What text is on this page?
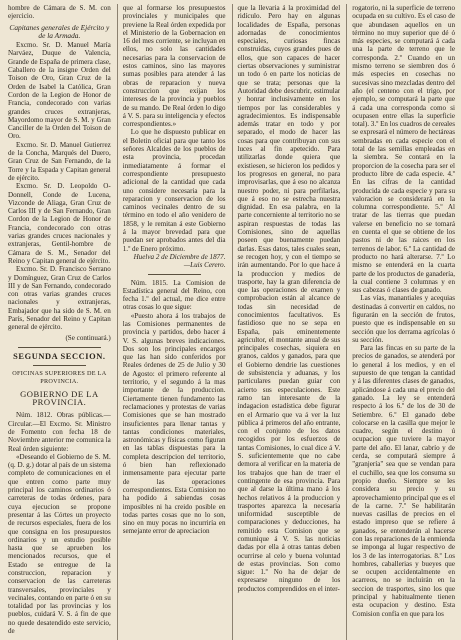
hombre de Cámara de S. M. con ejercicio.

Capitanes generales de Ejército y de la Armada.

Excmo. Sr. D. Manuel María Narváez, Duque de Valencia, Grande de España de primera clase, Caballero de la insigne Orden del Toison de Oro, Gran Cruz de la Orden de Isabel la Católica, Gran Cordon de la Legion de Honor de Francia, condecorado con varias grandes cruces extranjeras, Mayordomo mayor de S. M. y Gran Canciller de la Orden del Toison de Oro.

Excmo. Sr. D. Manuel Gutierrez de la Concha, Marqués del Duero, Gran Cruz de San Fernando, de la Torre y la Espada y Capitan general de ejército.

Excmo. Sr. D. Leopoldo O-Donnell, Conde de Lucena, Vizconde de Aliaga, Gran Cruz de Carlos III y de San Fernando, Gran Cordon de la Legion de Honor de Francia, condecorado con otras varias grandes cruces nacionales y extranjeras, Gentil-hombre de Cámara de S. M., Senador del Reino y Capitan general de ejército.

Excmo. Sr. D. Francisco Serrano y Domínguez, Gran Cruz de Carlos III y de San Fernando, condecorado con otras varias grandes cruces nacionales y extranjeras, Embajador que ha sido de S. M. en París, Senador del Reino y Capitan general de ejército.

(Se continuará.)

SEGUNDA SECCION.
OFICINAS SUPERIORES DE LA PROVINCIA.
GOBIERNO DE LA PROVINCIA.

Núm. 1812. Obras públicas.—Circular.—El Excmo. Sr. Ministro de Fomento con fecha 18 de Noviembre anterior me comunica la Real órden siguiente:

«Deseando el Gobierno de S. M. (q. D. g.) dotar al país de un sistema completo de comunicaciones en el que entren como parte muy principal los caminos ordinarios ó carreteras de todas órdenes, para cuya ejecucion se propone presentar á las Córtes un proyecto de recursos especiales, fuera de los que consigna en los presupuestos ordinarios y un estudio posible hasta que se aprueben los mencionados recursos, que el Estado se entregue de la construccion, reparacion y conservacion de las carreteras transversales, provinciales y vecinales, contando en parte ó en su totalidad por las provincias y los pueblos, cuidará V. S. á fin de que no quede desatendido este servicio, de

que al formarse los presupuestos provinciales y municipales que previene la Real órden expedida por el Ministerio de la Gobernacion en 16 del mes corriente, se incluyan en ellos, no solo las cantidades necesarias para la conservacion de estos caminos, sino las mayores sumas posibles para atender á las obras de reparacion y nueva construccion que exijan los intereses de la provincia y pueblos de su mando. De Real órden lo digo á V. S. para su inteligencia y efectos correspondientes.»

Lo que he dispuesto publicar en el Boletin oficial para que tanto los señores Alcaldes de los pueblos de esta provincia, procedan inmediatamente á formar el correspondiente presupuesto adicional de la cantidad que cada uno considere necesaria para la reparacion y conservacion de los caminos vecinales dentro de su término en todo el año venidero de 1858, y le remitan á este Gobierno á la mayor brevedad para que puedan ser aprobados antes del dia 1.º de Enero próximo.

Huelva 2 de Diciembre de 1877.—Luis Cerero.

Núm. 1815. La Comision de Estadística general del Reino, con fecha 1.º del actual, me dice entre otras cosas lo que sigue:

«Puesto ahora á los trabajos de las Comisiones permanentes de provincia y partidos, debo hacer á V. S. algunas breves indicaciones. Dos son los principales encargos que las han sido conferidos por Reales órdenes de 25 de Julio y 30 de Agosto: el primero referente al territorio, y el segundo á la mas importante de la produccion. Ciertamente tienen fundamento las reclamaciones y protestas de varias Comisiones que se han mostrado insuficientes para llenar tantas y tantas condiciones materiales, astronómicas y físicas como figuran en las tablas dispuestas para la completa descripcion del territorio, ó bien han reflexionado inmensamente para ejecutar parte de las operaciones correspondientes. Esta Comision no ha podido á sabiendas cosas imposibles ni ha creido posible en todas partes cosas que no lo son, sino en muy pocas no incurriría en semejante error de apreciacion

que la llevaria á la proximidad del ridículo. Pero hay en algunas localidades de España, personas adornadas de conocimientos especiales, curiosas fincas construidas, cuyos grandes pues de ellos, que son capaces de hacer ciertas observaciones y suministrar un todo ó en parte los noticias de que se trata; personas que la Autoridad debe descubrir, estimular y honrar inclusivamente en los tiempos por las considerables y agradecimientos. Es indispensable además tratar en todo y por separado, el modo de hacer las cosas para que contribuyan con sus luces al fin apetecido. Para utilizarlas donde quiera que existiesen, se hicieron los pedidos y los progresos en general, no para improvisarlas, que á eso no alcanza nuestro poder, ni para perfilarlas, que á eso no se estrecha nuestra dignidad. En esa palabra, en la parte concerniente al territorio no se aspiran respuestas de todas las Comisiones, sino de aquellas poseen que buenamente puedan darlas. Esas datos, tales cuales sean, se recogen hoy, y con el tiempo se irán aumentando. Por lo que hace á la produccion y medios de trasporte, hay la gran diferencia de que las operaciones de examen y comprobacion están al alcance de todas sin necesidad de conocimientos facultativos. Es fastidioso que no se sepa en España, país eminentemente agricultor, el montante anual de sus principales cosechas, siquiera en granos, caldos y ganados, para que el Gobierno dendrie las cuestiones de subsistencia y aduanas, y los particulares puedan guiar con acierto sus especulaciones. Este ramo tan interesante de la indagacion estadística debe figurar en el Armario que va á ver la luz pública á primeros del año entrante, con el conjunto de los datos recogidos por los esfuerzos de tantas Comisiones, lo cual dice á V. S. suficientemente que no cabe demora al verificar en la materia de los trabajos que han de traer el contingente de esa provincia. Para que al darse la última mano á los hechos relativos á la produccion y trasportes aparezca la necesaria uniformidad susceptible de comparaciones y deducciones, ha remitido esta Comision que se comunique á V. S. las noticias dadas por ella á otras tantas deben ocurrirse al celo y buena voluntad de estas provincias. Son como sigue: 1.º No ha de dejar de expresarse ninguno de los productos comprendidos en el inter-

rogatorio, ni la superficie de terreno ocupada en su cultivo. Es el caso de que abundasen aquellos en un término no muy superior que dé ó más especies, se computará á cada una la parte de terreno que le corresponda. 2.º Cuando en un mismo terreno se siembren dos ó más especies en cosechas no sucesivas sino mezcladas dentro del año (el centeno con el trigo, por ejemplo, se computará la parte que á cada una corresponda como si ocupasen entre ellas la superficie total). 3.º En los cuadros de cereales se expresará el número de hectáreas sembradas en cada especie con el total de las semillas empleadas en la siembra. Se contará en la proporcion de la cosecha para ser el producto libre de cada especie. 4.º En las cifras de la cantidad producida de cada especie y para su valoracion se considerará en la columna correspondiente. 5.º Al tratar de las tierras que puedan valerse en beneficio no se tomará en cuenta el que se obtiene de los pastos ni de las raices en los terrenos de labor. 6.º La cantidad de producto no hará alterarse. 7.º Lo mismo se entenderá en la cuarta parte de los productos de ganadería, la cual contiene 3 columnas y en sus cabezas ó clases de ganado.

Las vías, manantiales y acequias destinadas á convertir en caldos, no figurarán en la sección de frutos, puesto que es indispensable en su sección que los derrama agrícolas ó su sección.

Para las fincas en su parte de la precios de ganados, se atenderá por lo general á los medios, y en el supuesto de que tengan la cantidad y á las diferentes clases de ganados, aplicándose á cada una el precio del ganado. La ley se entenderá respecto á los 6.º de los de 30 de Setiembre. 6.º El ganado debe colocarse en la casilla que mejor le cuadre, según el destino ú ocupacion que tuviere la mayor parte del año. El lanar, cabrío y de cerda, se computará siempre á "granjería" sea que se vendan para el cuchillo, sea que los consuma su propio dueño. Siempre se les considera su precio y su aprovechamiento principal que es el de la carne. 7.º Se habilitarán nuevas casillas de precios en el estado impreso que se refiere á ganados, se entenderán al hacerse con las reparaciones de la enmienda se imponga al lugar respectivo de los 3 de las interrogatorias. 8.º Los hombres, caballerias y bueyes que se ocupen accidentalmente en acarreos, no se incluirán en la seccion de trasportes, sino los que principal y habitualmente tienen esta ocupacion y destino. Esta Comision confía en que para los
